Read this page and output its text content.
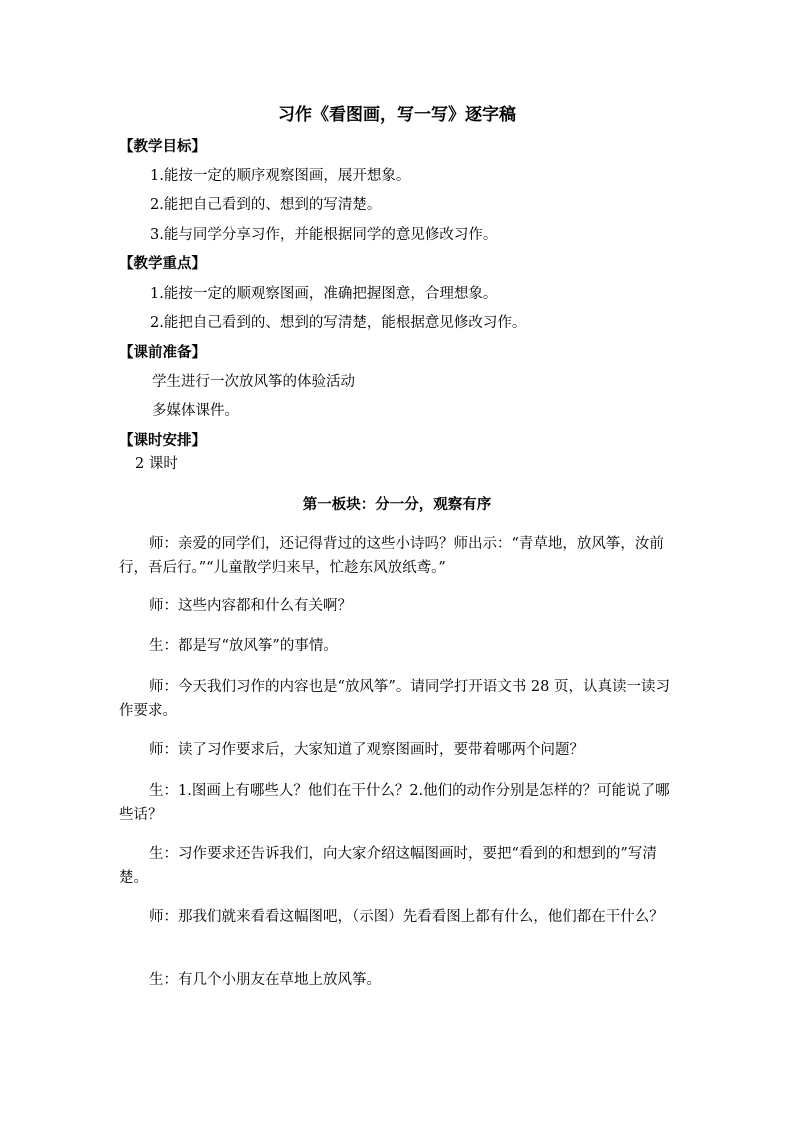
习作《看图画，写一写》逐字稿
【教学目标】
1.能按一定的顺序观察图画，展开想象。
2.能把自己看到的、想到的写清楚。
3.能与同学分享习作，并能根据同学的意见修改习作。
【教学重点】
1.能按一定的顺观察图画，准确把握图意，合理想象。
2.能把自己看到的、想到的写清楚，能根据意见修改习作。
【课前准备】
学生进行一次放风筝的体验活动
多媒体课件。
【课时安排】
2 课时
第一板块：分一分，观察有序
师：亲爱的同学们，还记得背过的这些小诗吗？师出示：“青草地，放风筝，汝前行，吾后行。”“儿童散学归来早，忙趁东风放纸鸢。”
师：这些内容都和什么有关啊？
生：都是写“放风筝”的事情。
师：今天我们习作的内容也是“放风筝”。请同学打开语文书 28 页，认真读一读习作要求。
师：读了习作要求后，大家知道了观察图画时，要带着哪两个问题？
生：1.图画上有哪些人？他们在干什么？2.他们的动作分别是怎样的？可能说了哪些话？
生：习作要求还告诉我们，向大家介绍这幅图画时，要把“看到的和想到的”写清楚。
师：那我们就来看看这幅图吧，（示图）先看看图上都有什么，他们都在干什么？
生：有几个小朋友在草地上放风筝。
